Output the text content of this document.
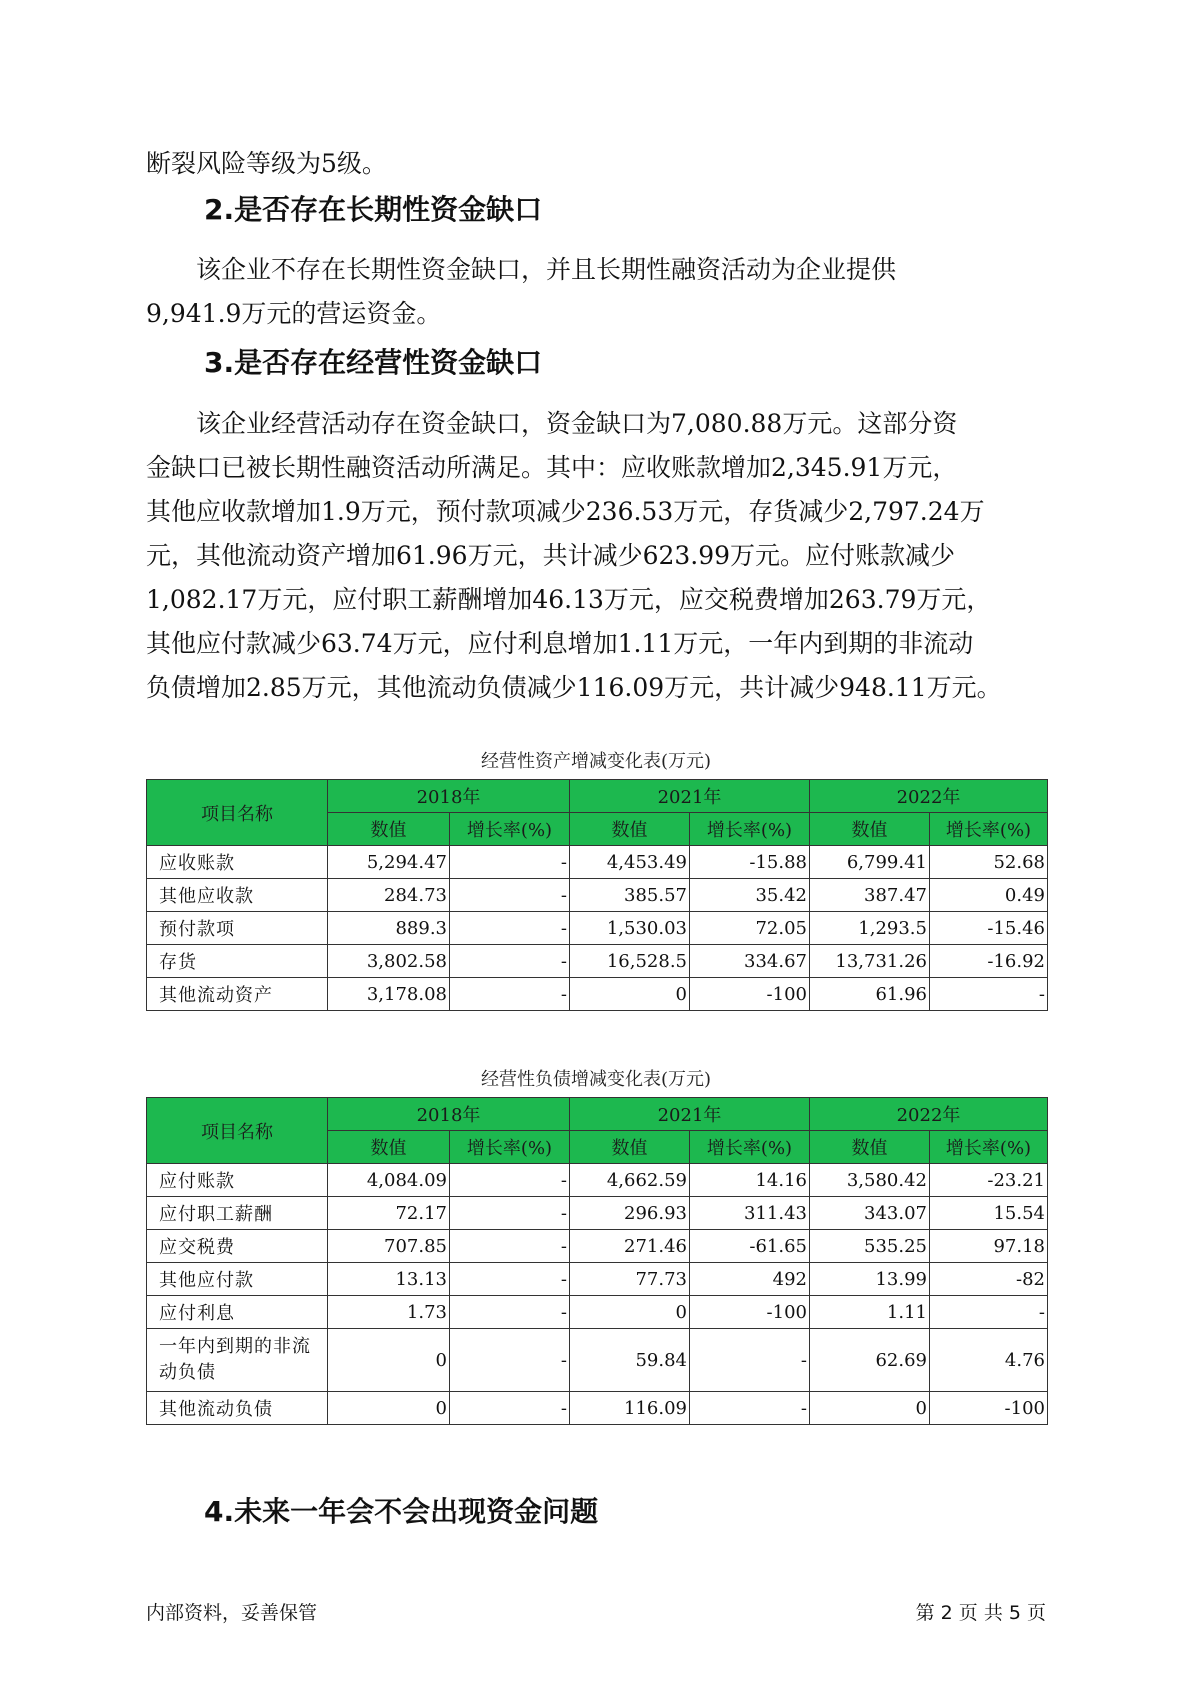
断裂风险等级为5级。

2.是否存在长期性资金缺口

该企业不存在长期性资金缺口，并且长期性融资活动为企业提供
9,941.9万元的营运资金。

3.是否存在经营性资金缺口

该企业经营活动存在资金缺口，资金缺口为7,080.88万元。这部分资
金缺口已被长期性融资活动所满足。其中：应收账款增加2,345.91万元，
其他应收款增加1.9万元，预付款项减少236.53万元，存货减少2,797.24万
元，其他流动资产增加61.96万元，共计减少623.99万元。应付账款减少
1,082.17万元，应付职工薪酬增加46.13万元，应交税费增加263.79万元，
其他应付款减少63.74万元，应付利息增加1.11万元，一年内到期的非流动
负债增加2.85万元，其他流动负债减少116.09万元，共计减少948.11万元。

经营性资产增减变化表(万元)
项目名称	2018年		2021年		2022年	
	数值	增长率(%)	数值	增长率(%)	数值	增长率(%)
应收账款	5,294.47	-	4,453.49	-15.88	6,799.41	52.68
其他应收款	284.73	-	385.57	35.42	387.47	0.49
预付款项	889.3	-	1,530.03	72.05	1,293.5	-15.46
存货	3,802.58	-	16,528.5	334.67	13,731.26	-16.92
其他流动资产	3,178.08	-	0	-100	61.96	-
经营性负债增减变化表(万元)
项目名称	2018年		2021年		2022年	
	数值	增长率(%)	数值	增长率(%)	数值	增长率(%)
应付账款	4,084.09	-	4,662.59	14.16	3,580.42	-23.21
应付职工薪酬	72.17	-	296.93	311.43	343.07	15.54
应交税费	707.85	-	271.46	-61.65	535.25	97.18
其他应付款	13.13	-	77.73	492	13.99	-82
应付利息	1.73	-	0	-100	1.11	-
一年内到期的非流动负债	0	-	59.84	-	62.69	4.76
其他流动负债	0	-	116.09	-	0	-100
4.未来一年会不会出现资金问题
内部资料，妥善保管	第 2 页 共 5 页
